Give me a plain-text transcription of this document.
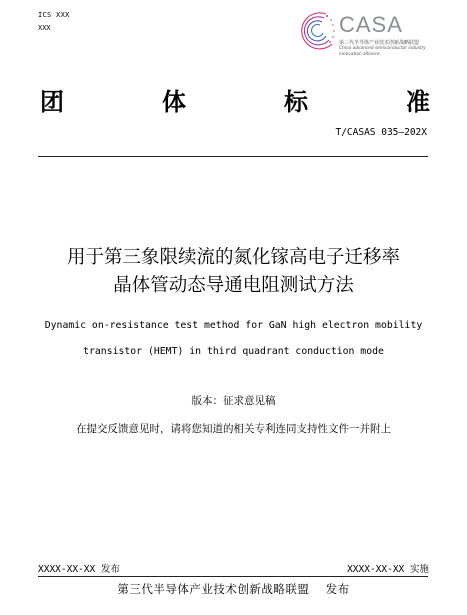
ICS XXX
XXX	CASA
第三代半导体产业技术创新战略联盟
China advanced semiconductor industry
innovation alliance
团	体	标	准
T/CASAS 035—202X
用于第三象限续流的氮化镓高电子迁移率
晶体管动态导通电阻测试方法
Dynamic on-resistance test method for GaN high electron mobility
transistor (HEMT) in third quadrant conduction mode
版本：征求意见稿
在提交反馈意见时，请将您知道的相关专利连同支持性文件一并附上
XXXX-XX-XX 发布	XXXX-XX-XX 实施
第三代半导体产业技术创新战略联盟　 发布
